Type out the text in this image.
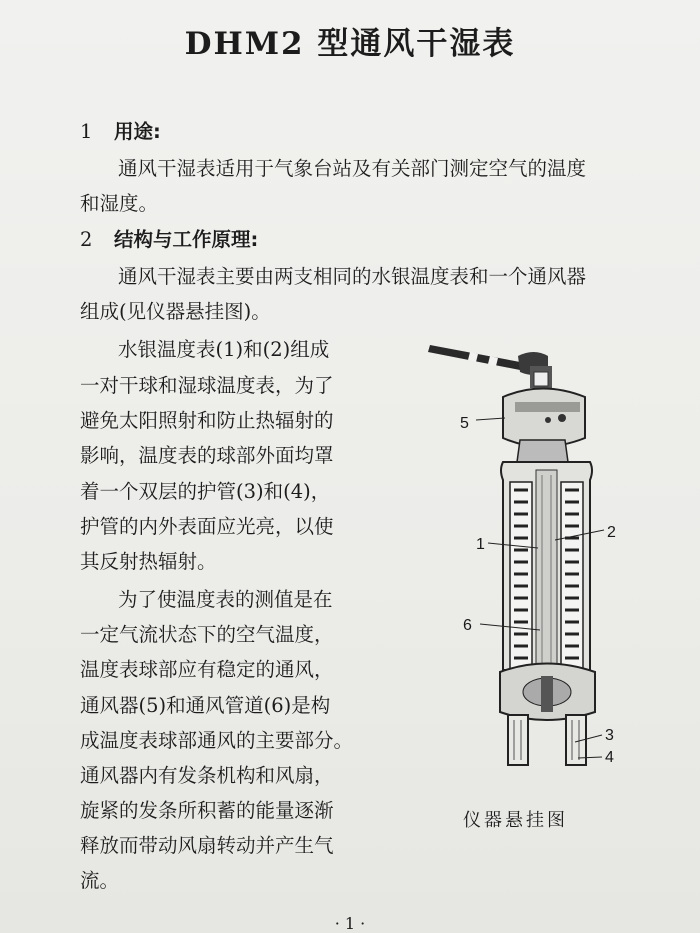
DHM2 型通风干湿表
1 用途:
通风干湿表适用于气象台站及有关部门测定空气的温度
和湿度。
2 结构与工作原理:
通风干湿表主要由两支相同的水银温度表和一个通风器
组成(见仪器悬挂图)。
水银温度表(1)和(2)组成
一对干球和湿球温度表，为了
避免太阳照射和防止热辐射的
影响，温度表的球部外面均罩
着一个双层的护管(3)和(4)，
护管的内外表面应光亮，以使
其反射热辐射。
为了使温度表的测值是在
一定气流状态下的空气温度，
温度表球部应有稳定的通风，
通风器(5)和通风管道(6)是构
成温度表球部通风的主要部分。
通风器内有发条机构和风扇，
旋紧的发条所积蓄的能量逐渐
释放而带动风扇转动并产生气
流。
5
1
2
6
3
4
仪器悬挂图
· 1 ·
